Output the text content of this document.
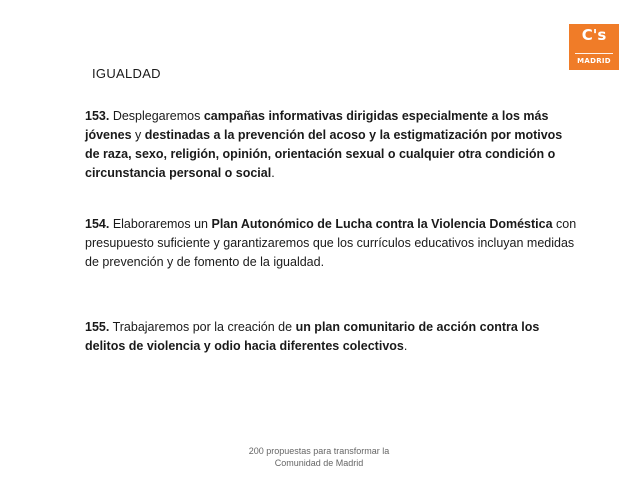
C's
MADRID
IGUALDAD
153. Desplegaremos campañas informativas dirigidas especialmente a los más jóvenes y destinadas a la prevención del acoso y la estigmatización por motivos de raza, sexo, religión, opinión, orientación sexual o cualquier otra condición o circunstancia personal o social.
154. Elaboraremos un Plan Autonómico de Lucha contra la Violencia Doméstica con presupuesto suficiente y garantizaremos que los currículos educativos incluyan medidas de prevención y de fomento de la igualdad.
155. Trabajaremos por la creación de un plan comunitario de acción contra los delitos de violencia y odio hacia diferentes colectivos.
200 propuestas para transformar la
Comunidad de Madrid
